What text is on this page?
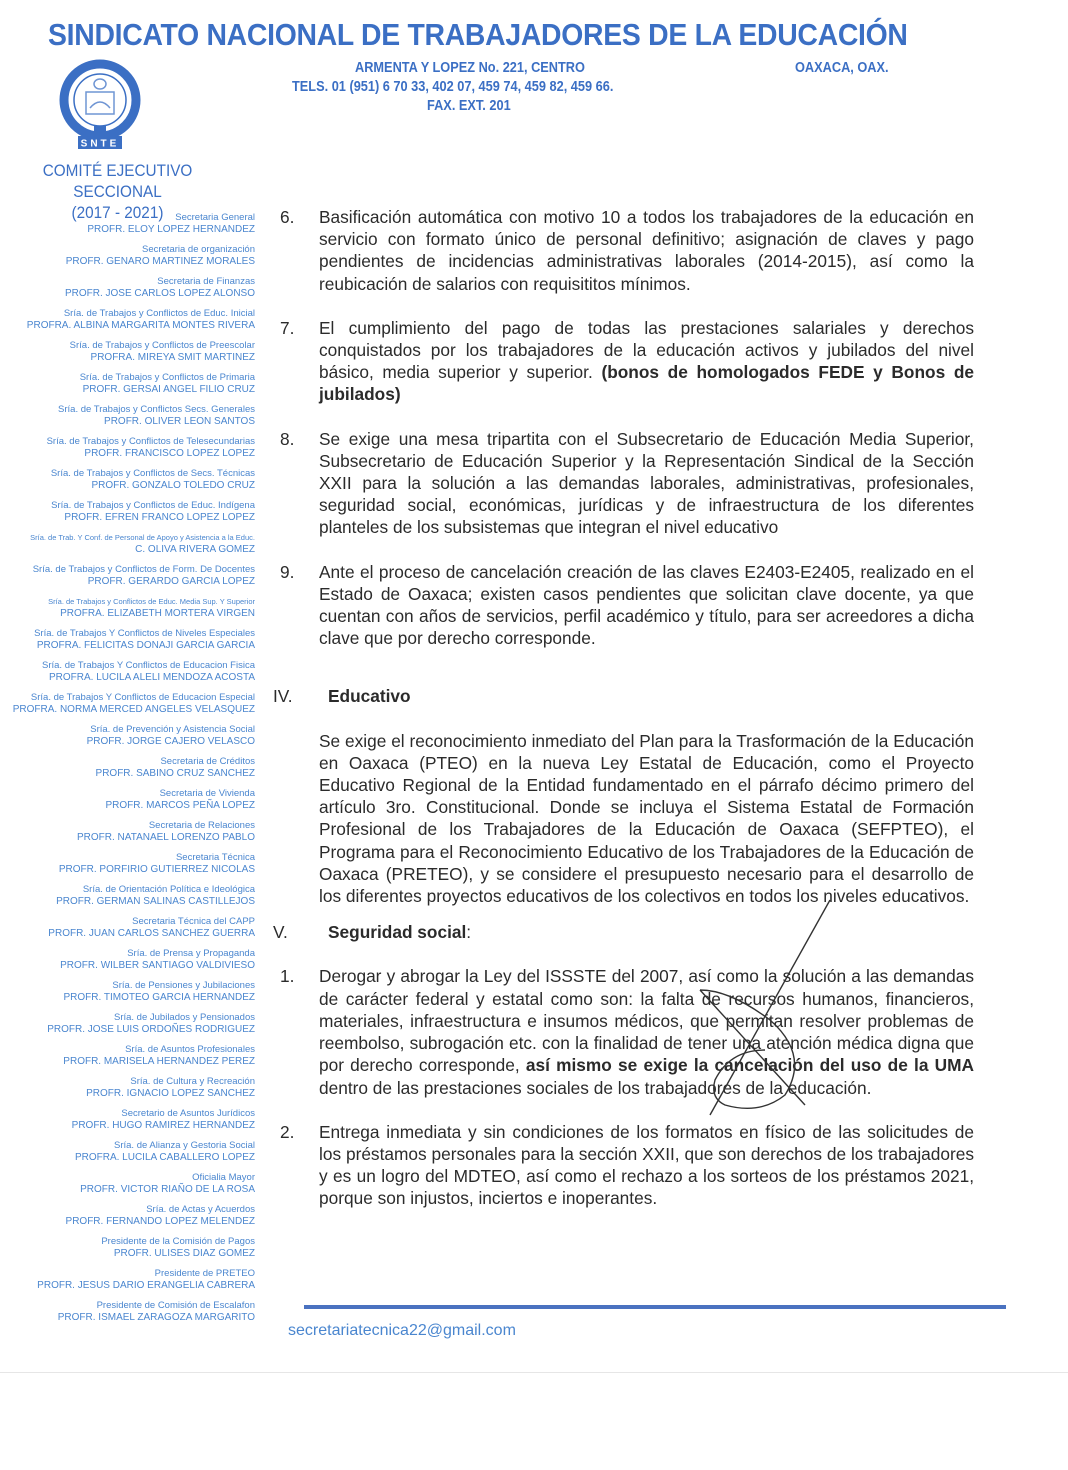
SINDICATO NACIONAL DE TRABAJADORES DE LA EDUCACIÓN
ARMENTA Y LOPEZ No. 221, CENTRO	OAXACA, OAX.
TELS. 01 (951) 6 70 33, 402 07, 459 74, 459 82, 459 66.
FAX. EXT. 201
SNTE
COMITÉ EJECUTIVO SECCIONAL
(2017 - 2021)	Secretaria General
PROFR. ELOY LOPEZ HERNANDEZ
Secretaria de organización
PROFR. GENARO MARTINEZ MORALES
Secretaria de Finanzas
PROFR. JOSE CARLOS LOPEZ ALONSO
Sría. de Trabajos y Conflictos de Educ. Inicial
PROFRA. ALBINA MARGARITA MONTES RIVERA
Sría. de Trabajos y Conflictos de Preescolar
PROFRA. MIREYA SMIT MARTINEZ
Sría. de Trabajos y Conflictos de Primaria
PROFR. GERSAI ANGEL FILIO CRUZ
Sría. de Trabajos y Conflictos Secs. Generales
PROFR. OLIVER LEON SANTOS
Sría. de Trabajos y Conflictos de Telesecundarias
PROFR. FRANCISCO LOPEZ LOPEZ
Sría. de Trabajos y Conflictos de Secs. Técnicas
PROFR. GONZALO TOLEDO CRUZ
Sría. de Trabajos y Conflictos de Educ. Indígena
PROFR. EFREN FRANCO LOPEZ LOPEZ
Sría. de Trab. Y Conf. de Personal de Apoyo y Asistencia a la Educ.
C. OLIVA RIVERA GOMEZ
Sría. de Trabajos y Conflictos de Form. De Docentes
PROFR. GERARDO GARCIA LOPEZ
Sría. de Trabajos y Conflictos de Educ. Media Sup. Y Superior
PROFRA. ELIZABETH MORTERA VIRGEN
Sría. de Trabajos Y Conflictos de Niveles Especiales
PROFRA. FELICITAS DONAJI GARCIA GARCIA
Sría. de Trabajos Y Conflictos de Educacion Fisica
PROFRA. LUCILA ALELI MENDOZA ACOSTA
Sría. de Trabajos Y Conflictos de Educacion Especial
PROFRA. NORMA MERCED ANGELES VELASQUEZ
Sría. de Prevención y Asistencia Social
PROFR. JORGE CAJERO VELASCO
Secretaria de Créditos
PROFR. SABINO CRUZ SANCHEZ
Secretaria de Vivienda
PROFR. MARCOS PEÑA LOPEZ
Secretaria de Relaciones
PROFR. NATANAEL LORENZO PABLO
Secretaria Técnica
PROFR. PORFIRIO GUTIERREZ NICOLAS
Sría. de Orientación Política e Ideológica
PROFR. GERMAN SALINAS CASTILLEJOS
Secretaria Técnica del CAPP
PROFR. JUAN CARLOS SANCHEZ GUERRA
Sría. de Prensa y Propaganda
PROFR. WILBER SANTIAGO VALDIVIESO
Sría. de Pensiones y Jubilaciones
PROFR. TIMOTEO GARCIA HERNANDEZ
Sría. de Jubilados y Pensionados
PROFR. JOSE LUIS ORDOÑES RODRIGUEZ
Sría. de Asuntos Profesionales
PROFR. MARISELA HERNANDEZ PEREZ
Sría. de Cultura y Recreación
PROFR. IGNACIO LOPEZ SANCHEZ
Secretario de Asuntos Jurídicos
PROFR. HUGO RAMIREZ HERNANDEZ
Sría. de Alianza y Gestoria Social
PROFRA. LUCILA CABALLERO LOPEZ
Oficialia Mayor
PROFR. VICTOR RIAÑO DE LA ROSA
Sría. de Actas y Acuerdos
PROFR. FERNANDO LOPEZ MELENDEZ
Presidente de la Comisión de Pagos
PROFR. ULISES DIAZ GOMEZ
Presidente de PRETEO
PROFR. JESUS DARIO ERANGELIA CABRERA
Presidente de Comisión de Escalafon
PROFR. ISMAEL ZARAGOZA MARGARITO
6.	Basificación automática con motivo 10 a todos los trabajadores de la educación en servicio con formato único de personal definitivo; asignación de claves y pago pendientes de incidencias administrativas laborales (2014-2015), así como la reubicación de salarios con requisititos mínimos.
7.	El cumplimiento del pago de todas las prestaciones salariales y derechos conquistados por los trabajadores de la educación activos y jubilados del nivel básico, media superior y superior. (bonos de homologados FEDE y Bonos de jubilados)
8.	Se exige una mesa tripartita con el Subsecretario de Educación Media Superior, Subsecretario de Educación Superior y la Representación Sindical de la Sección XXII para la solución a las demandas laborales, administrativas, profesionales, seguridad social, económicas, jurídicas y de infraestructura de los diferentes planteles de los subsistemas que integran el nivel educativo
9.	Ante el proceso de cancelación creación de las claves E2403-E2405, realizado en el Estado de Oaxaca; existen casos pendientes que solicitan clave docente, ya que cuentan con años de servicios, perfil académico y título, para ser acreedores a dicha clave que por derecho corresponde.
IV.	Educativo
Se exige el reconocimiento inmediato del Plan para la Trasformación de la Educación en Oaxaca (PTEO) en la nueva Ley Estatal de Educación, como el Proyecto Educativo Regional de la Entidad fundamentado en el párrafo décimo primero del artículo 3ro. Constitucional. Donde se incluya el Sistema Estatal de Formación Profesional de los Trabajadores de la Educación de Oaxaca (SEFPTEO), el Programa para el Reconocimiento Educativo de los Trabajadores de la Educación de Oaxaca (PRETEO), y se considere el presupuesto necesario para el desarrollo de los diferentes proyectos educativos de los colectivos en todos los niveles educativos.
V.	Seguridad social:
1.	Derogar y abrogar la Ley del ISSSTE del 2007, así como la solución a las demandas de carácter federal y estatal como son: la falta de recursos humanos, financieros, materiales, infraestructura e insumos médicos, que permitan resolver problemas de reembolso, subrogación etc. con la finalidad de tener una atención médica digna que por derecho corresponde, así mismo se exige la cancelación del uso de la UMA dentro de las prestaciones sociales de los trabajadores de la educación.
2.	Entrega inmediata y sin condiciones de los formatos en físico de las solicitudes de los préstamos personales para la sección XXII, que son derechos de los trabajadores y es un logro del MDTEO, así como el rechazo a los sorteos de los préstamos 2021, porque son injustos, inciertos e inoperantes.
secretariatecnica22@gmail.com
